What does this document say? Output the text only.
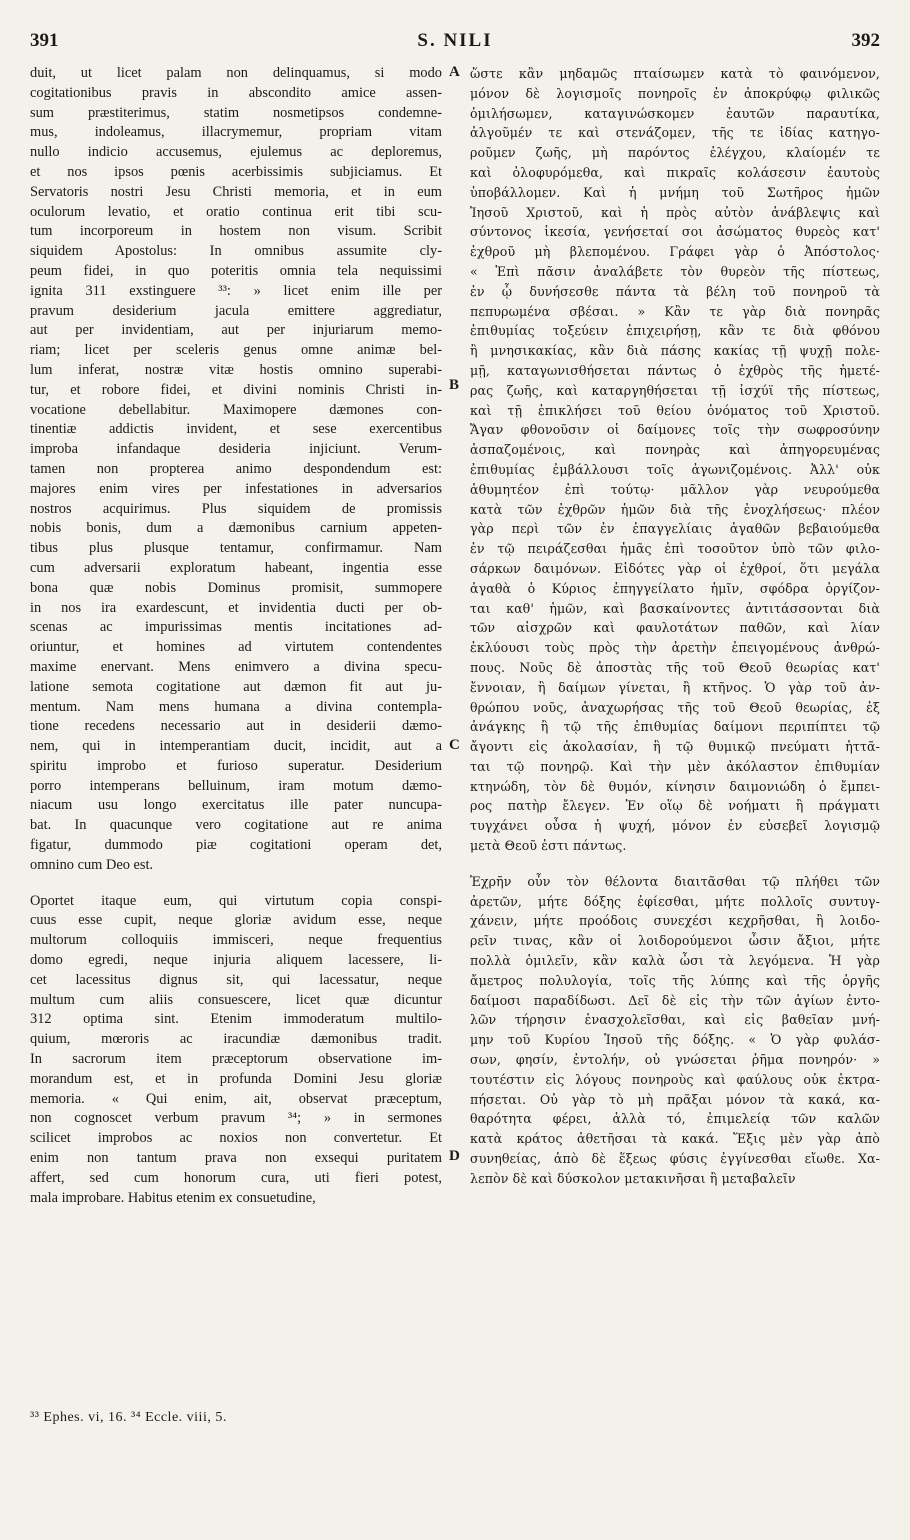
391	S. NILI	392
duit, ut licet palam non delinquamus, si modo
cogitationibus pravis in abscondito amice assen-
sum præstiterimus, statim nosmetipsos condemne-
mus, indoleamus, illacrymemur, propriam vitam
nullo indicio accusemus, ejulemus ac deploremus,
et nos ipsos pœnis acerbissimis subjiciamus. Et
Servatoris nostri Jesu Christi memoria, et in eum
oculorum levatio, et oratio continua erit tibi scu-
tum incorporeum in hostem non visum. Scribit
siquidem Apostolus: In omnibus assumite cly-
peum fidei, in quo poteritis omnia tela nequissimi
ignita 311 exstinguere ³³: » licet enim ille per
pravum desiderium jacula emittere aggrediatur,
aut per invidentiam, aut per injuriarum memo-
riam; licet per sceleris genus omne animæ bel-
lum inferat, nostræ vitæ hostis omnino superabi-
tur, et robore fidei, et divini nominis Christi in-
vocatione debellabitur. Maximopere dæmones con-
tinentiæ addictis invident, et sese exercentibus
improba infandaque desideria injiciunt. Verum-
tamen non propterea animo despondendum est:
majores enim vires per infestationes in adversarios
nostros acquirimus. Plus siquidem de promissis
nobis bonis, dum a dæmonibus carnium appeten-
tibus plus plusque tentamur, confirmamur. Nam
cum adversarii exploratum habeant, ingentia esse
bona quæ nobis Dominus promisit, summopere
in nos ira exardescunt, et invidentia ducti per ob-
scenas ac impurissimas mentis incitationes ad-
oriuntur, et homines ad virtutem contendentes
maxime enervant. Mens enimvero a divina specu-
latione semota cogitatione aut dæmon fit aut ju-
mentum. Nam mens humana a divina contempla-
tione recedens necessario aut in desiderii dæmo-
nem, qui in intemperantiam ducit, incidit, aut a
spiritu improbo et furioso superatur. Desiderium
porro intemperans belluinum, iram motum dæmo-
niacum usu longo exercitatus ille pater nuncupa-
bat. In quacunque vero cogitatione aut re anima
figatur, dummodo piæ cogitationi operam det,
omnino cum Deo est.
Oportet itaque eum, qui virtutum copia conspi-
cuus esse cupit, neque gloriæ avidum esse, neque
multorum colloquiis immisceri, neque frequentius
domo egredi, neque injuria aliquem lacessere, li-
cet lacessitus dignus sit, qui lacessatur, neque
multum cum aliis consuescere, licet quæ dicuntur
312 optima sint. Etenim immoderatum multilo-
quium, mœroris ac iracundiæ dæmonibus tradit.
In sacrorum item præceptorum observatione im-
morandum est, et in profunda Domini Jesu gloriæ
memoria. « Qui enim, ait, observat præceptum,
non cognoscet verbum pravum ³⁴; » in sermones
scilicet improbos ac noxios non convertetur. Et
enim non tantum prava non exsequi puritatem
affert, sed cum honorum cura, uti fieri potest,
mala improbare. Habitus etenim ex consuetudine,
ὥστε κἂν μηδαμῶς πταίσωμεν κατὰ τὸ φαινόμενον,
μόνον δὲ λογισμοῖς πονηροῖς ἐν ἀποκρύφῳ φιλικῶς
ὁμιλήσωμεν, καταγινώσκομεν ἑαυτῶν παραυτίκα,
ἀλγοῦμέν τε καὶ στενάζομεν, τῆς τε ἰδίας κατηγο-
ροῦμεν ζωῆς, μὴ παρόντος ἐλέγχου, κλαίομέν τε
καὶ ὀλοφυρόμεθα, καὶ πικραῖς κολάσεσιν ἑαυτοὺς
ὑποβάλλομεν. Καὶ ἡ μνήμη τοῦ Σωτῆρος ἡμῶν
Ἰησοῦ Χριστοῦ, καὶ ἡ πρὸς αὐτὸν ἀνάβλεψις καὶ
σύντονος ἱκεσία, γενήσεταί σοι ἀσώματος θυρεὸς κατ'
ἐχθροῦ μὴ βλεπομένου. Γράφει γὰρ ὁ Ἀπόστολος·
« Ἐπὶ πᾶσιν ἀναλάβετε τὸν θυρεὸν τῆς πίστεως,
ἐν ᾧ δυνήσεσθε πάντα τὰ βέλη τοῦ πονηροῦ τὰ
πεπυρωμένα σβέσαι. » Κἂν τε γὰρ διὰ πονηρᾶς
ἐπιθυμίας τοξεύειν ἐπιχειρήσῃ, κἂν τε διὰ φθόνου
ἢ μνησικακίας, κἂν διὰ πάσης κακίας τῇ ψυχῇ πολε-
μῇ, καταγωνισθήσεται πάντως ὁ ἐχθρὸς τῆς ἡμετέ-
ρας ζωῆς, καὶ καταργηθήσεται τῇ ἰσχύϊ τῆς πίστεως,
καὶ τῇ ἐπικλήσει τοῦ θείου ὀνόματος τοῦ Χριστοῦ.
Ἄγαν φθονοῦσιν οἱ δαίμονες τοῖς τὴν σωφροσύνην
ἀσπαζομένοις, καὶ πονηρὰς καὶ ἀπηγορευμένας
ἐπιθυμίας ἐμβάλλουσι τοῖς ἀγωνιζομένοις. Ἀλλ' οὐκ
ἀθυμητέον ἐπὶ τούτῳ· μᾶλλον γὰρ νευρούμεθα
κατὰ τῶν ἐχθρῶν ἡμῶν διὰ τῆς ἐνοχλήσεως· πλέον
γὰρ περὶ τῶν ἐν ἐπαγγελίαις ἀγαθῶν βεβαιούμεθα
ἐν τῷ πειράζεσθαι ἡμᾶς ἐπὶ τοσοῦτον ὑπὸ τῶν φιλο-
σάρκων δαιμόνων. Εἰδότες γὰρ οἱ ἐχθροί, ὅτι μεγάλα
ἀγαθὰ ὁ Κύριος ἐπηγγείλατο ἡμῖν, σφόδρα ὀργίζον-
ται καθ' ἡμῶν, καὶ βασκαίνοντες ἀντιτάσσονται διὰ
τῶν αἰσχρῶν καὶ φαυλοτάτων παθῶν, καὶ λίαν
ἐκλύουσι τοὺς πρὸς τὴν ἀρετὴν ἐπειγομένους ἀνθρώ-
πους. Νοῦς δὲ ἀποστὰς τῆς τοῦ Θεοῦ θεωρίας κατ'
ἔννοιαν, ἢ δαίμων γίνεται, ἢ κτῆνος. Ὁ γὰρ τοῦ ἀν-
θρώπου νοῦς, ἀναχωρήσας τῆς τοῦ Θεοῦ θεωρίας, ἐξ
ἀνάγκης ἢ τῷ τῆς ἐπιθυμίας δαίμονι περιπίπτει τῷ
ἄγοντι εἰς ἀκολασίαν, ἢ τῷ θυμικῷ πνεύματι ἡττᾶ-
ται τῷ πονηρῷ. Καὶ τὴν μὲν ἀκόλαστον ἐπιθυμίαν
κτηνώδη, τὸν δὲ θυμόν, κίνησιν δαιμονιώδη ὁ ἔμπει-
ρος πατὴρ ἔλεγεν. Ἐν οἵῳ δὲ νοήματι ἢ πράγματι
τυγχάνει οὖσα ἡ ψυχή, μόνον ἐν εὐσεβεῖ λογισμῷ
μετὰ Θεοῦ ἐστι πάντως.
Ἐχρῆν οὖν τὸν θέλοντα διαιτᾶσθαι τῷ πλήθει τῶν
ἀρετῶν, μήτε δόξης ἐφίεσθαι, μήτε πολλοῖς συντυγ-
χάνειν, μήτε προόδοις συνεχέσι κεχρῆσθαι, ἢ λοιδο-
ρεῖν τινας, κἂν οἱ λοιδορούμενοι ὦσιν ἄξιοι, μήτε
πολλὰ ὁμιλεῖν, κἂν καλὰ ὦσι τὰ λεγόμενα. Ἡ γὰρ
ἄμετρος πολυλογία, τοῖς τῆς λύπης καὶ τῆς ὀργῆς
δαίμοσι παραδίδωσι. Δεῖ δὲ εἰς τὴν τῶν ἁγίων ἐντο-
λῶν τήρησιν ἐνασχολεῖσθαι, καὶ εἰς βαθεῖαν μνή-
μην τοῦ Κυρίου Ἰησοῦ τῆς δόξης. « Ὁ γὰρ φυλάσ-
σων, φησίν, ἐντολήν, οὐ γνώσεται ῥῆμα πονηρόν· »
τουτέστιν εἰς λόγους πονηροὺς καὶ φαύλους οὐκ ἐκτρα-
πήσεται. Οὐ γὰρ τὸ μὴ πρᾶξαι μόνον τὰ κακά, κα-
θαρότητα φέρει, ἀλλὰ τό, ἐπιμελείᾳ τῶν καλῶν
κατὰ κράτος ἀθετῆσαι τὰ κακά. Ἕξις μὲν γὰρ ἀπὸ
συνηθείας, ἀπὸ δὲ ἕξεως φύσις ἐγγίνεσθαι εἴωθε. Χα-
λεπὸν δὲ καὶ δύσκολον μετακινῆσαι ἢ μεταβαλεῖν
A
B
C
D
³³ Ephes. vi, 16. ³⁴ Eccle. viii, 5.
